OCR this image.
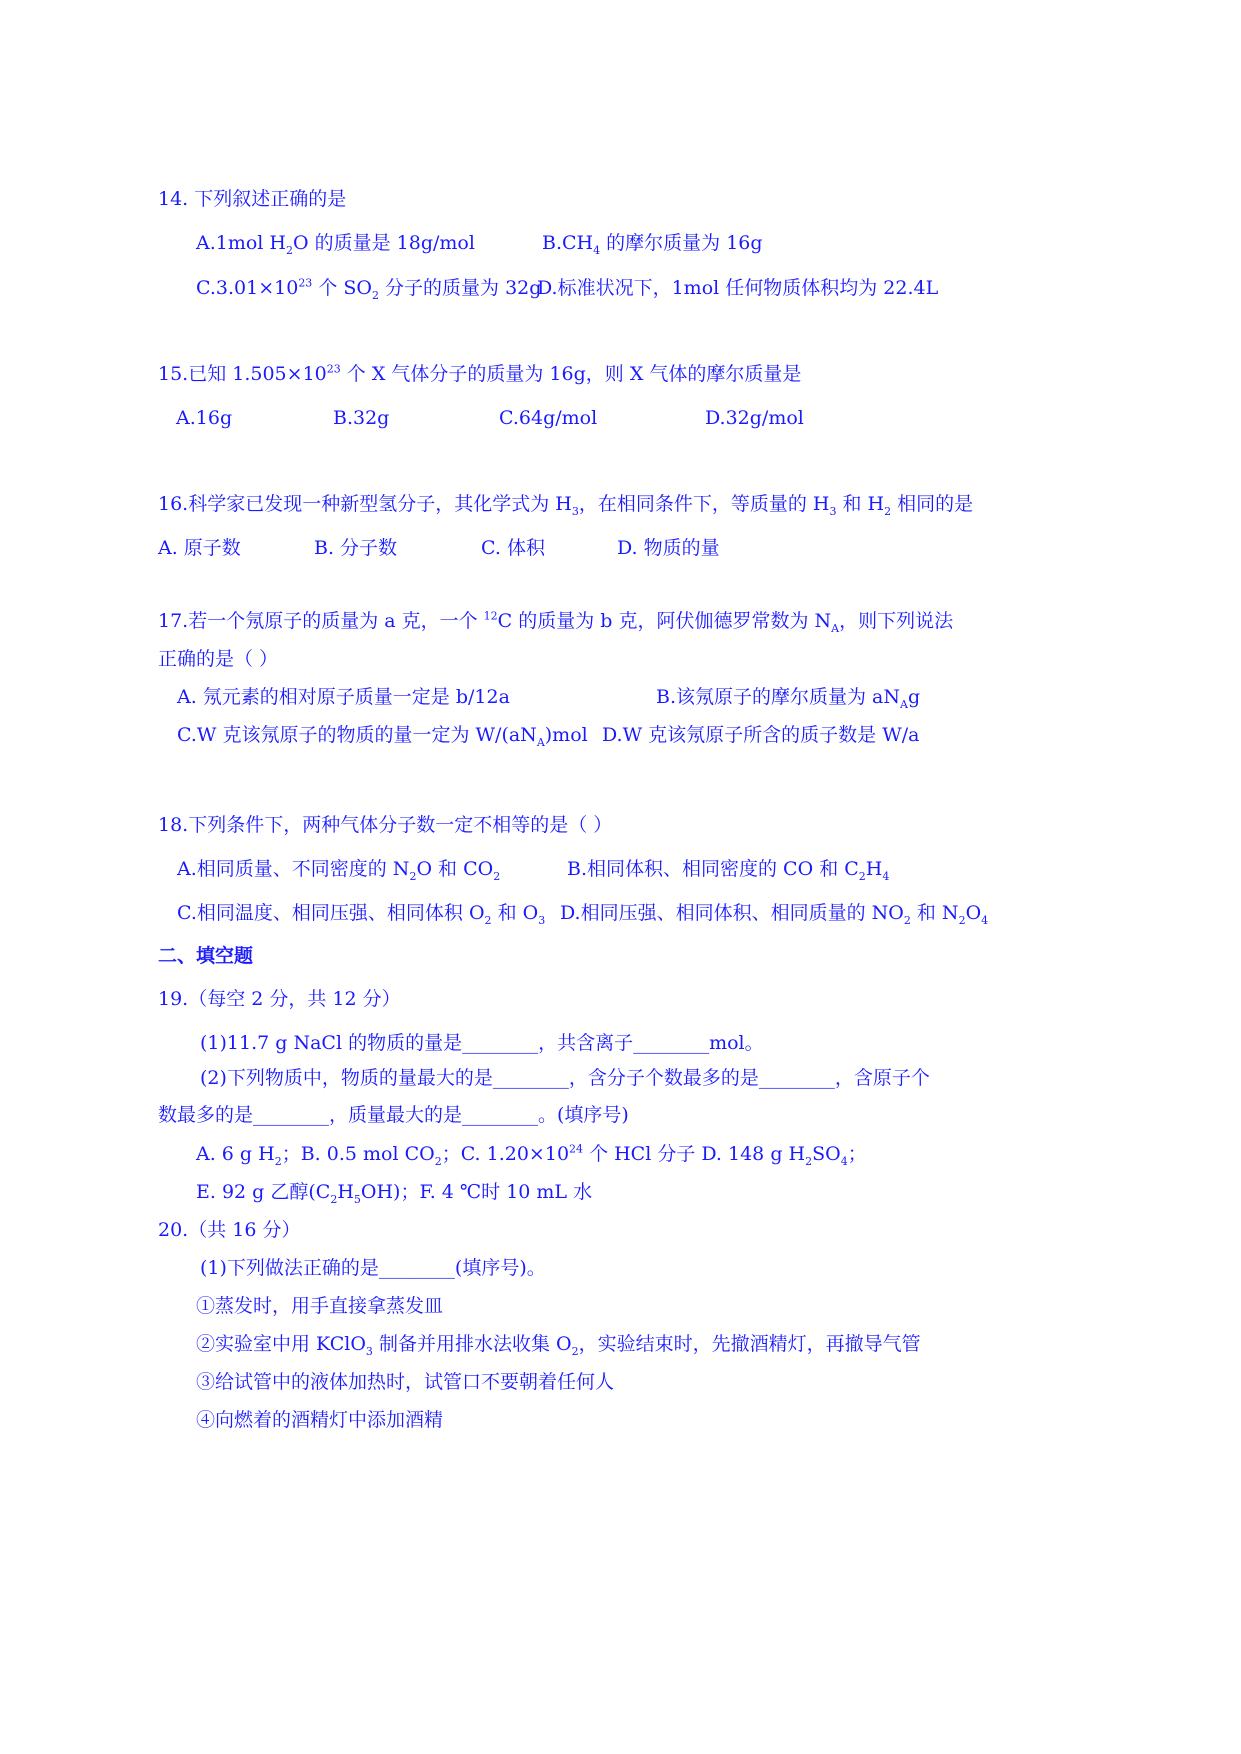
14. 下列叙述正确的是
A.1mol $H_2O$ 的质量是 18g/mol	$B.CH_4$ 的摩尔质量为 16g
$C.3.01\times 10^{23}$ 个 $SO_2$ 分子的质量为 32g
D.标准状况下，1mol 任何物质体积均为 22.4L
15.已知 $1.505\times 10^{23}$ 个 X 气体分子的质量为 16g，则 X 气体的摩尔质量是
A.16g	B.32g	C.64g/mol	D.32g/mol
16.科学家已发现一种新型氢分子，其化学式为 $H_3$，在相同条件下，等质量的 $H_3$ 和 $H_2$ 相同的是
A. 原子数	B. 分子数	C. 体积	D. 物质的量
17.若一个氖原子的质量为 a 克，一个 $^{12}$C 的质量为 b 克，阿伏伽德罗常数为 $N_A$，则下列说法
正确的是（ ）
A. 氖元素的相对原子质量一定是 b/12a	B.该氖原子的摩尔质量为 $aN_Ag$
C.W 克该氖原子的物质的量一定为 $W/(aN_A)mol$ D.W 克该氖原子所含的质子数是 W/a
18.下列条件下，两种气体分子数一定不相等的是（ ）
A.相同质量、不同密度的 $N_2O$ 和 $CO_2$	B.相同体积、相同密度的 CO 和 $C_2H_4$
C.相同温度、相同压强、相同体积 $O_2$ 和 $O_3$ D.相同压强、相同体积、相同质量的 $NO_2$ 和 $N_2O_4$
二、填空题
19.（每空 2 分，共 12 分）
(1)11.7 g NaCl 的物质的量是________，共含离子________mol。
(2)下列物质中，物质的量最大的是________，含分子个数最多的是________，含原子个
数最多的是________，质量最大的是________。(填序号)
A. 6 g $H_2$；B. 0.5 mol $CO_2$；C. $1.20\times 10^{24}$ 个 HCl 分子 D. 148 g $H_2SO_4$；
E. 92 g 乙醇$(C_2H_5OH)$；F. 4 ℃时 10 mL 水
20.（共 16 分）
(1)下列做法正确的是________(填序号)。
①蒸发时，用手直接拿蒸发皿
②实验室中用 KClO$_3$ 制备并用排水法收集 $O_2$，实验结束时，先撤酒精灯，再撤导气管
③给试管中的液体加热时，试管口不要朝着任何人
④向燃着的酒精灯中添加酒精
